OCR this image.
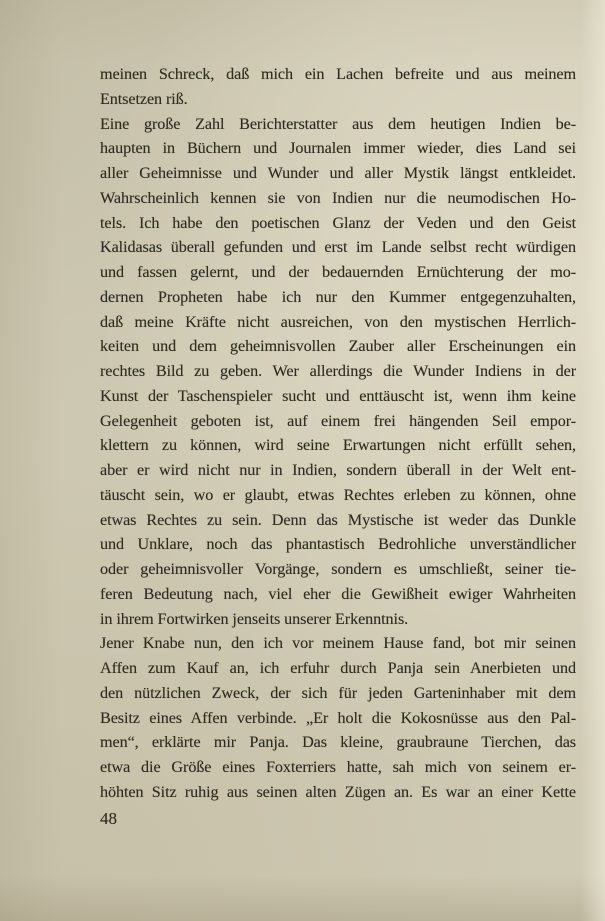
meinen Schreck, daß mich ein Lachen befreite und aus meinem
Entsetzen riß.
Eine große Zahl Berichterstatter aus dem heutigen Indien be-
haupten in Büchern und Journalen immer wieder, dies Land sei
aller Geheimnisse und Wunder und aller Mystik längst entkleidet.
Wahrscheinlich kennen sie von Indien nur die neumodischen Ho-
tels. Ich habe den poetischen Glanz der Veden und den Geist
Kalidasas überall gefunden und erst im Lande selbst recht würdigen
und fassen gelernt, und der bedauernden Ernüchterung der mo-
dernen Propheten habe ich nur den Kummer entgegenzuhalten,
daß meine Kräfte nicht ausreichen, von den mystischen Herrlich-
keiten und dem geheimnisvollen Zauber aller Erscheinungen ein
rechtes Bild zu geben. Wer allerdings die Wunder Indiens in der
Kunst der Taschenspieler sucht und enttäuscht ist, wenn ihm keine
Gelegenheit geboten ist, auf einem frei hängenden Seil empor-
klettern zu können, wird seine Erwartungen nicht erfüllt sehen,
aber er wird nicht nur in Indien, sondern überall in der Welt ent-
täuscht sein, wo er glaubt, etwas Rechtes erleben zu können, ohne
etwas Rechtes zu sein. Denn das Mystische ist weder das Dunkle
und Unklare, noch das phantastisch Bedrohliche unverständlicher
oder geheimnisvoller Vorgänge, sondern es umschließt, seiner tie-
feren Bedeutung nach, viel eher die Gewißheit ewiger Wahrheiten
in ihrem Fortwirken jenseits unserer Erkenntnis.
Jener Knabe nun, den ich vor meinem Hause fand, bot mir seinen
Affen zum Kauf an, ich erfuhr durch Panja sein Anerbieten und
den nützlichen Zweck, der sich für jeden Garteninhaber mit dem
Besitz eines Affen verbinde. „Er holt die Kokosnüsse aus den Pal-
men“, erklärte mir Panja. Das kleine, graubraune Tierchen, das
etwa die Größe eines Foxterriers hatte, sah mich von seinem er-
höhten Sitz ruhig aus seinen alten Zügen an. Es war an einer Kette
48
